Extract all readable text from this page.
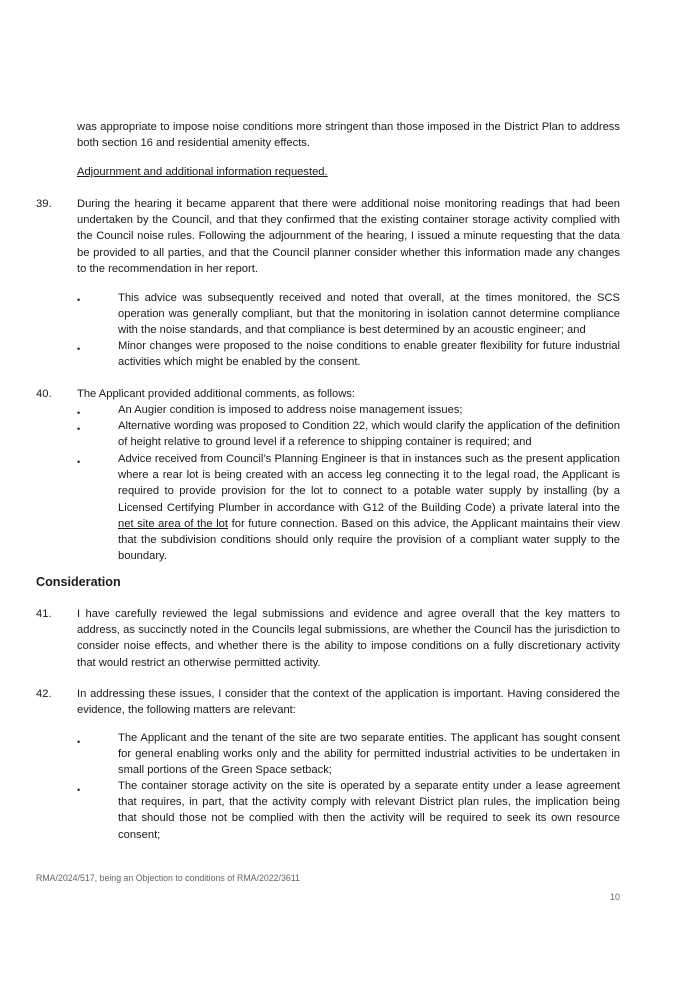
was appropriate to impose noise conditions more stringent than those imposed in the District Plan to address both section 16 and residential amenity effects.

Adjournment and additional information requested.

39. During the hearing it became apparent that there were additional noise monitoring readings that had been undertaken by the Council, and that they confirmed that the existing container storage activity complied with the Council noise rules. Following the adjournment of the hearing, I issued a minute requesting that the data be provided to all parties, and that the Council planner consider whether this information made any changes to the recommendation in her report.

•	This advice was subsequently received and noted that overall, at the times monitored, the SCS operation was generally compliant, but that the monitoring in isolation cannot determine compliance with the noise standards, and that compliance is best determined by an acoustic engineer; and

•	Minor changes were proposed to the noise conditions to enable greater flexibility for future industrial activities which might be enabled by the consent.

40. The Applicant provided additional comments, as follows:

•	An Augier condition is imposed to address noise management issues;

•	Alternative wording was proposed to Condition 22, which would clarify the application of the definition of height relative to ground level if a reference to shipping container is required; and

•	Advice received from Council’s Planning Engineer is that in instances such as the present application where a rear lot is being created with an access leg connecting it to the legal road, the Applicant is required to provide provision for the lot to connect to a potable water supply by installing (by a Licensed Certifying Plumber in accordance with G12 of the Building Code) a private lateral into the net site area of the lot for future connection. Based on this advice, the Applicant maintains their view that the subdivision conditions should only require the provision of a compliant water supply to the boundary.

Consideration

41. I have carefully reviewed the legal submissions and evidence and agree overall that the key matters to address, as succinctly noted in the Councils legal submissions, are whether the Council has the jurisdiction to consider noise effects, and whether there is the ability to impose conditions on a fully discretionary activity that would restrict an otherwise permitted activity.

42. In addressing these issues, I consider that the context of the application is important. Having considered the evidence, the following matters are relevant:

•	The Applicant and the tenant of the site are two separate entities. The applicant has sought consent for general enabling works only and the ability for permitted industrial activities to be undertaken in small portions of the Green Space setback;

•	The container storage activity on the site is operated by a separate entity under a lease agreement that requires, in part, that the activity comply with relevant District plan rules, the implication being that should those not be complied with then the activity will be required to seek its own resource consent;

RMA/2024/517, being an Objection to conditions of RMA/2022/3611

10
